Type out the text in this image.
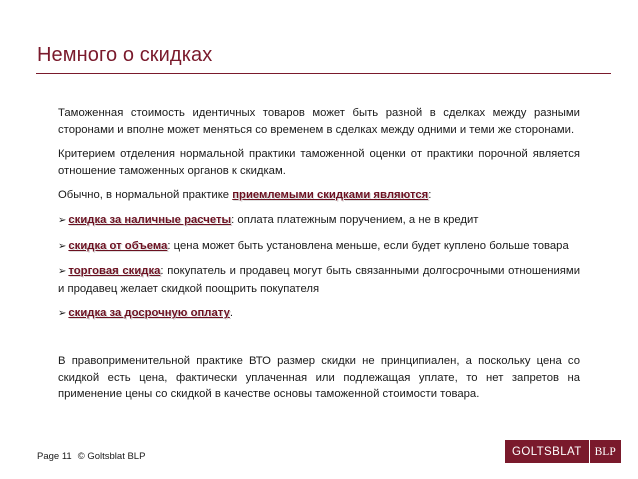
Немного о скидках

Таможенная стоимость идентичных товаров может быть разной в сделках между разными сторонами и вполне может меняться со временем в сделках между одними и теми же сторонами.

Критерием отделения нормальной практики таможенной оценки от практики порочной является отношение таможенных органов к скидкам.

Обычно, в нормальной практике приемлемыми скидками являются:

➢ скидка за наличные расчеты: оплата платежным поручением, а не в кредит

➢ скидка от объема: цена может быть установлена меньше, если будет куплено больше товара

➢ торговая скидка: покупатель и продавец могут быть связанными долгосрочными отношениями и продавец желает скидкой поощрить покупателя

➢ скидка за досрочную оплату.

В правоприменительной практике ВТО размер скидки не принципиален, а поскольку цена со скидкой есть цена, фактически уплаченная или подлежащая уплате, то нет запретов на применение цены со скидкой в качестве основы таможенной стоимости товара.

Page 11 © Goltsblat BLP	GOLTSBLAT	BLP
